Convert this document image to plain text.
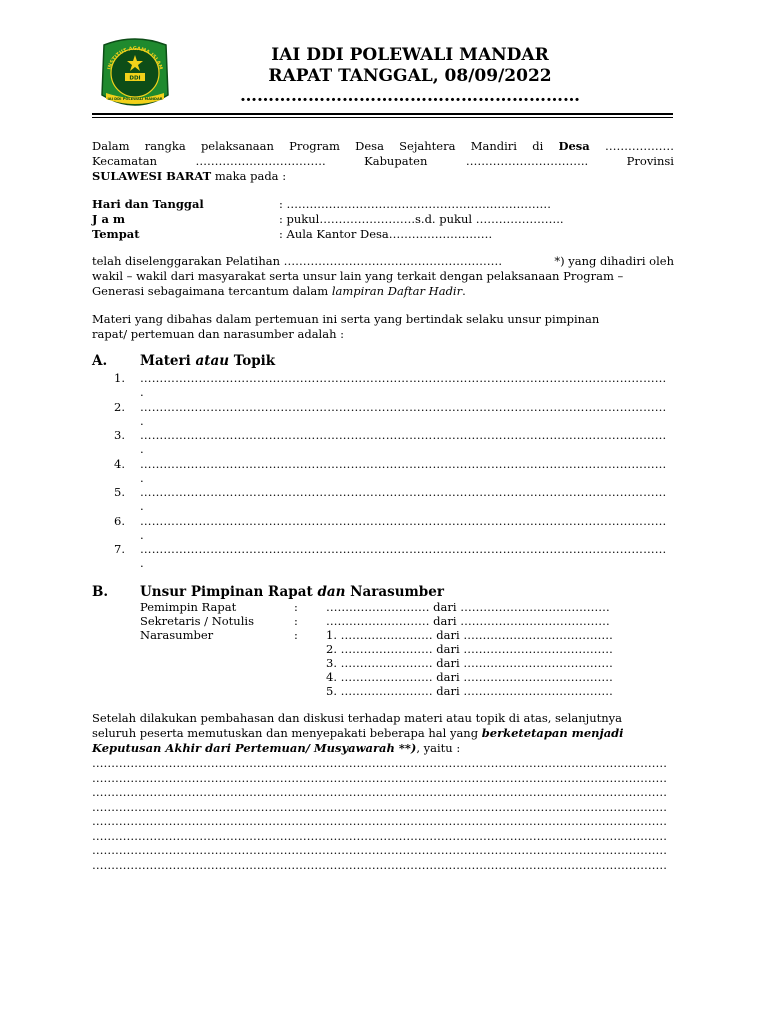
INSTITUT AGAMA ISLAM
DDI
IAI DDI POLEWALI MANDAR
IAI DDI POLEWALI MANDAR
RAPAT TANGGAL, 08/09/2022
……………………………………………………
Dalam rangka pelaksanaan Program Desa Sejahtera Mandiri di Desa ………………
Kecamatan	…………………………….	Kabupaten	…………………………..	Provinsi
SULAWESI BARAT maka pada :
Hari dan Tanggal	: ……………………………………………………………
J a m	: pukul…………………….s.d. pukul …………………..
Tempat	: Aula Kantor Desa………………………
telah diselenggarakan Pelatihan …………………………………………………	*) yang dihadiri oleh
wakil – wakil dari masyarakat serta unsur lain yang terkait dengan pelaksanaan Program –
Generasi sebagaimana tercantum dalam lampiran Daftar Hadir.
Materi yang dibahas dalam pertemuan ini serta yang bertindak selaku unsur pimpinan
rapat/ pertemuan dan narasumber adalah :
A. Materi atau Topik
1. ………………………………………………………………………………………………………………………
.
2. ………………………………………………………………………………………………………………………
.
3. ………………………………………………………………………………………………………………………
.
4. ………………………………………………………………………………………………………………………
.
5. ………………………………………………………………………………………………………………………
.
6. ………………………………………………………………………………………………………………………
.
7. ………………………………………………………………………………………………………………………
.
B. Unsur Pimpinan Rapat dan Narasumber
Pemimpin Rapat	: ……………………… dari …………………………………
Sekretaris / Notulis	: ……………………… dari …………………………………
Narasumber	: 1. …………………… dari …………………………………
2. …………………… dari …………………………………
3. …………………… dari …………………………………
4. …………………… dari …………………………………
5. …………………… dari …………………………………
Setelah dilakukan pembahasan dan diskusi terhadap materi atau topik di atas, selanjutnya
seluruh peserta memutuskan dan menyepakati beberapa hal yang berketetapan menjadi
Keputusan Akhir dari Pertemuan/ Musyawarah **), yaitu :
……………………………………………………………………………………………………………………………………
……………………………………………………………………………………………………………………………………
……………………………………………………………………………………………………………………………………
……………………………………………………………………………………………………………………………………
……………………………………………………………………………………………………………………………………
……………………………………………………………………………………………………………………………………
……………………………………………………………………………………………………………………………………
……………………………………………………………………………………………………………………………………
